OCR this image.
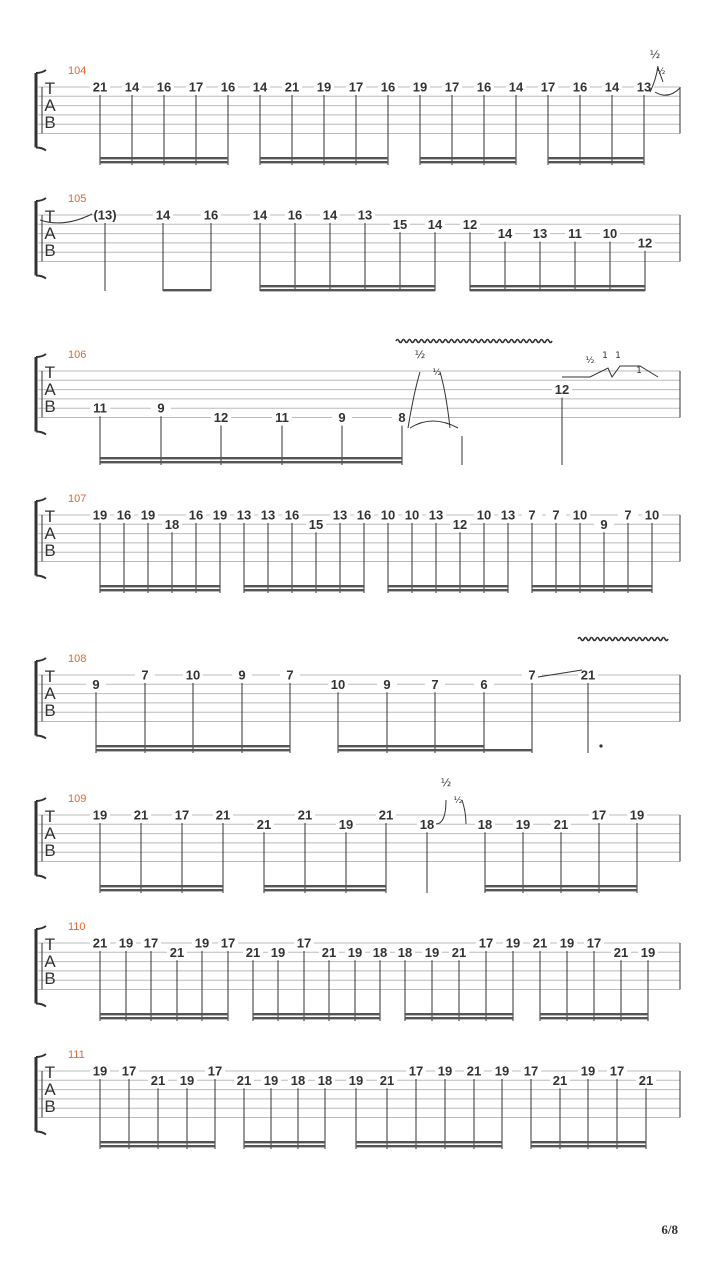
T
A
B
104
21 14 16 17 16 14 21 19 17 16 19 17 16 14 17 16 14 13
T
A
B
105
(13)	14	16	14 16 14 13
15 14 12
14 13 11 10
12
T
A
B
106
11	9
12	11	9	8
12
T
A
B
107
19 16 19
18
16 19 13 13 16
15
13 16 10 10 13
12
10 13 7 7 10
9
7 10
T
A
B
108
9
7	10	9	7
10	9	7	6
7	21
T
A
B
109
19 21 17 21
21
21
19
21
18	18 19 21
17 19
T
A
B
110
21 19 17
21
19 17
21 19
17
21 19 18 18 19 21
17 19 21 19 17
21 19
T
A
B
111
19 17
21 19
17
21 19 18 18 19 21
17 19 21 19 17
21
19 17
21
½
½
½
½
½ 1 1
1
½
½
6/8
